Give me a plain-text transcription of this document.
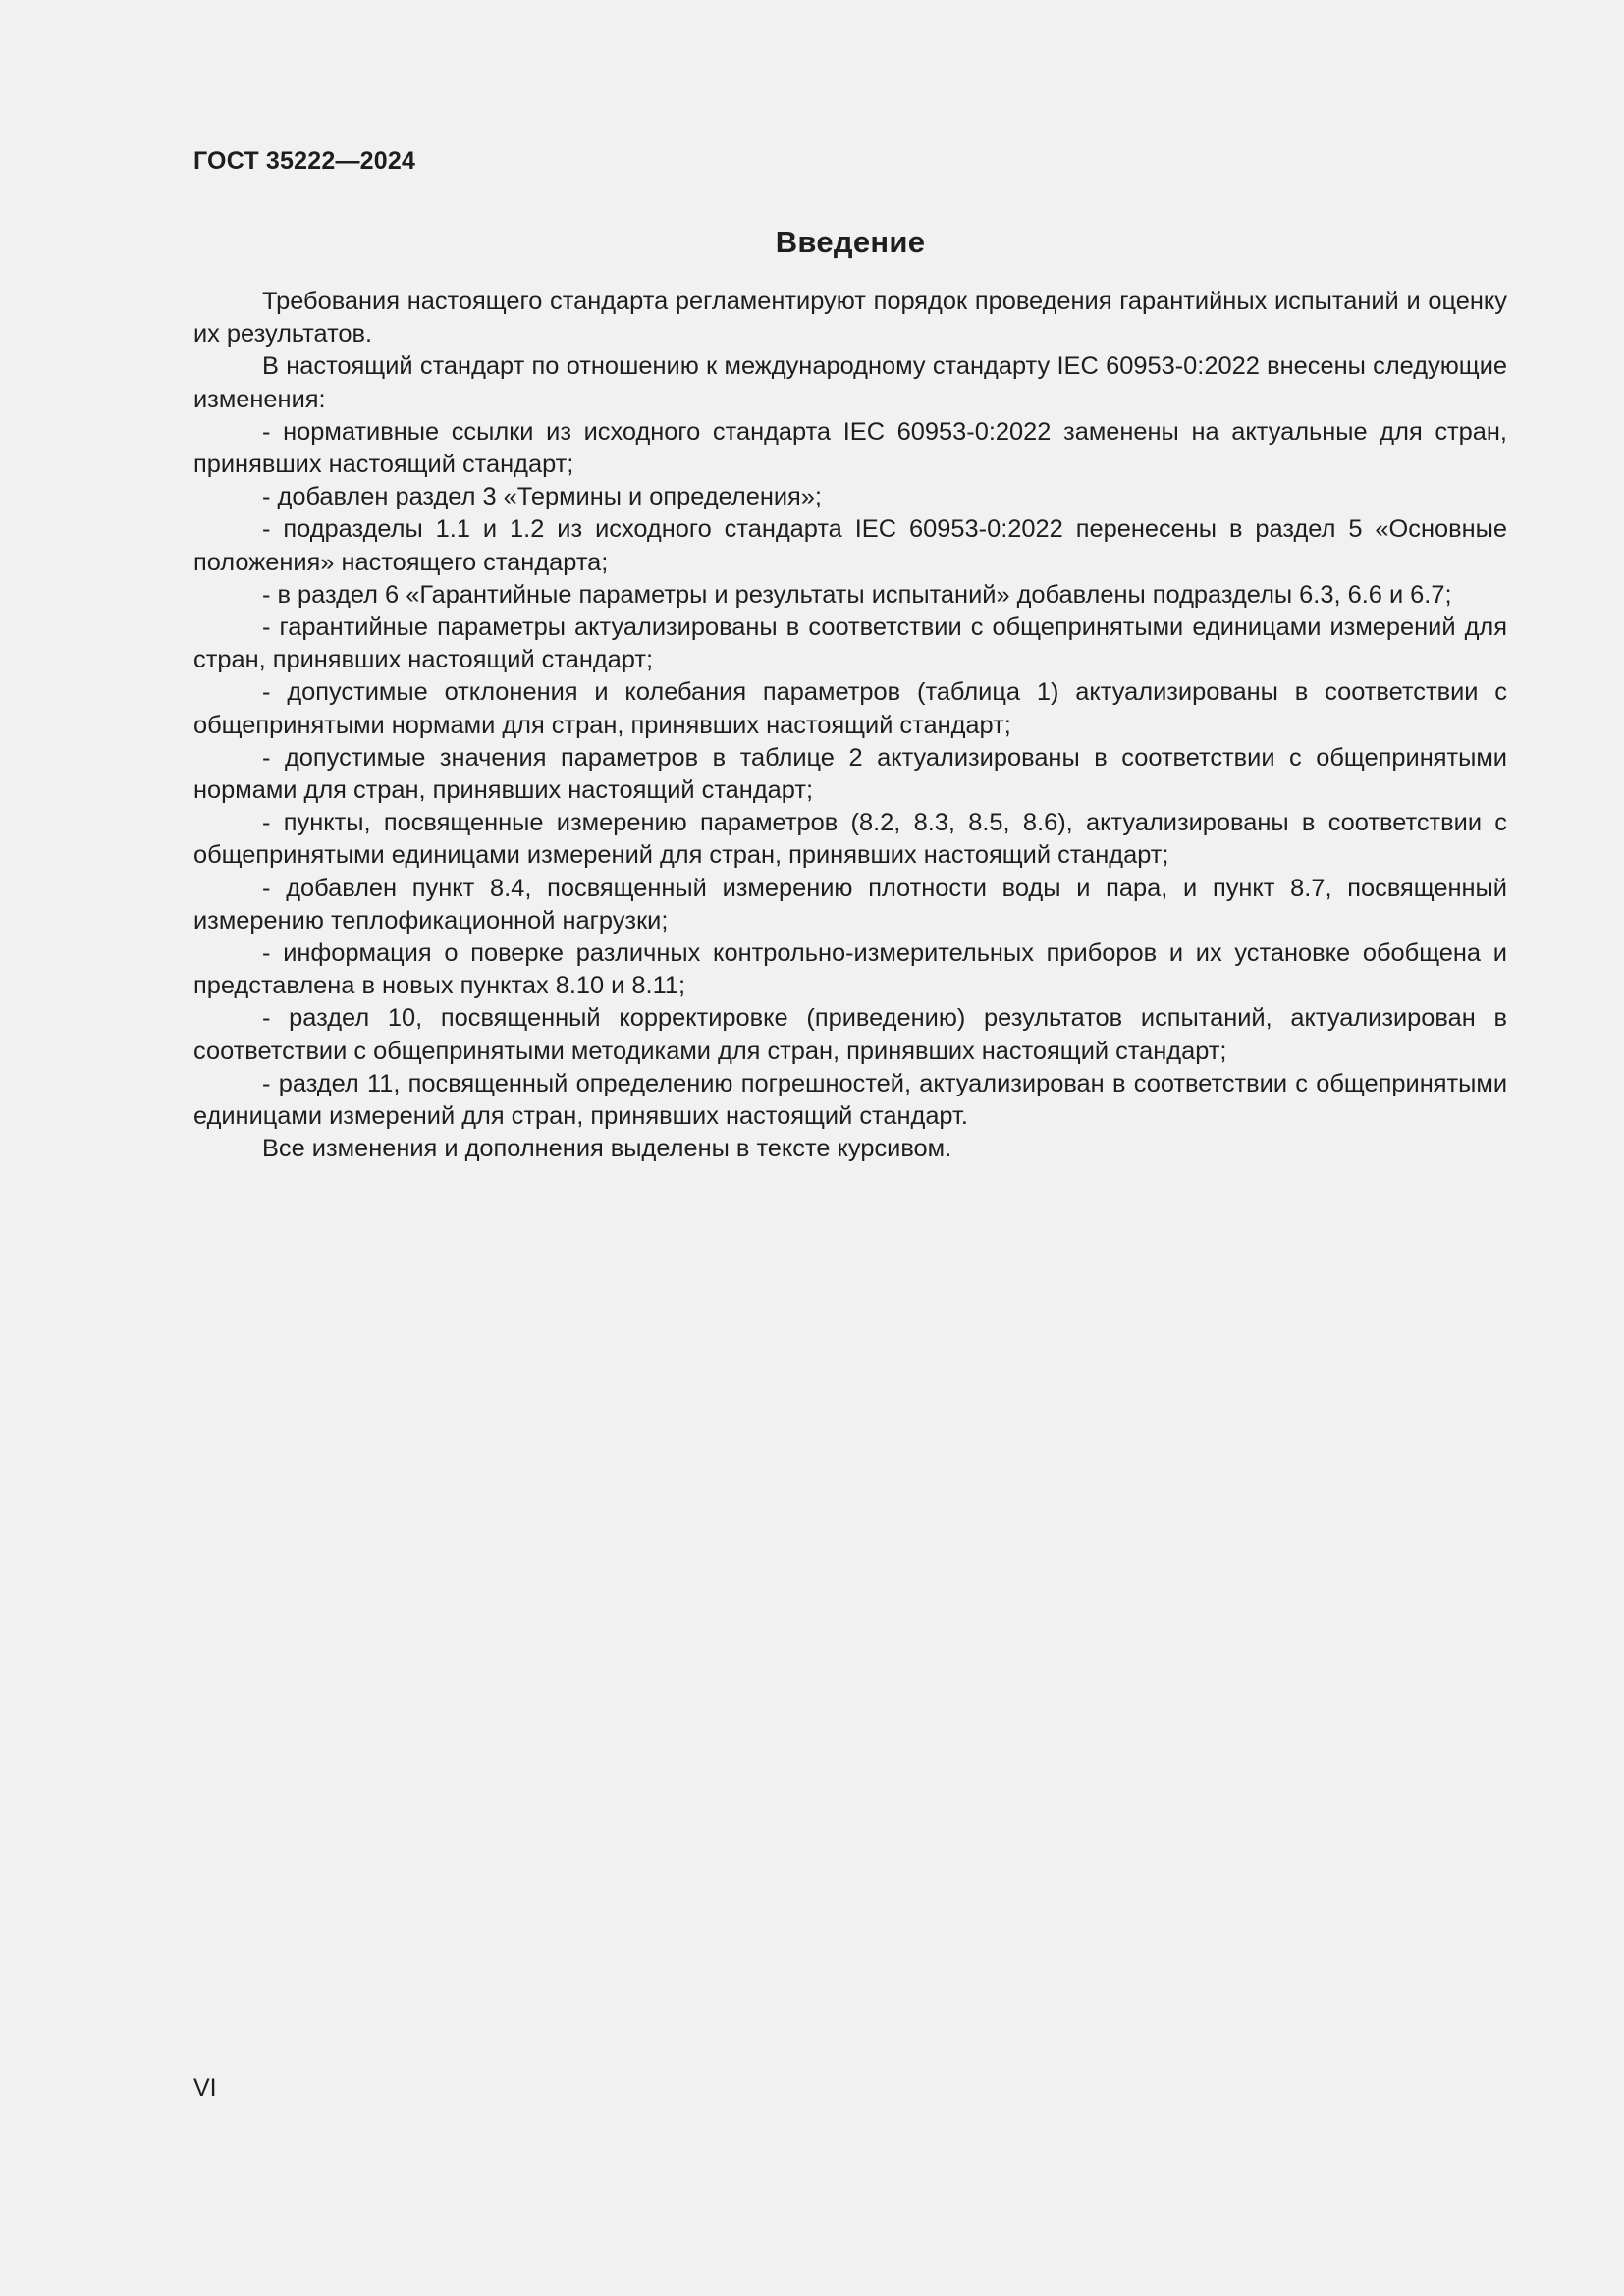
ГОСТ 35222—2024
Введение

Требования настоящего стандарта регламентируют порядок проведения гарантийных испытаний и оценку их результатов.

В настоящий стандарт по отношению к международному стандарту IEC 60953-0:2022 внесены следующие изменения:

- нормативные ссылки из исходного стандарта IEC 60953-0:2022 заменены на актуальные для стран, принявших настоящий стандарт;

- добавлен раздел 3 «Термины и определения»;

- подразделы 1.1 и 1.2 из исходного стандарта IEC 60953-0:2022 перенесены в раздел 5 «Основные положения» настоящего стандарта;

- в раздел 6 «Гарантийные параметры и результаты испытаний» добавлены подразделы 6.3, 6.6 и 6.7;

- гарантийные параметры актуализированы в соответствии с общепринятыми единицами измерений для стран, принявших настоящий стандарт;

- допустимые отклонения и колебания параметров (таблица 1) актуализированы в соответствии с общепринятыми нормами для стран, принявших настоящий стандарт;

- допустимые значения параметров в таблице 2 актуализированы в соответствии с общепринятыми нормами для стран, принявших настоящий стандарт;

- пункты, посвященные измерению параметров (8.2, 8.3, 8.5, 8.6), актуализированы в соответствии с общепринятыми единицами измерений для стран, принявших настоящий стандарт;

- добавлен пункт 8.4, посвященный измерению плотности воды и пара, и пункт 8.7, посвященный измерению теплофикационной нагрузки;

- информация о поверке различных контрольно-измерительных приборов и их установке обобщена и представлена в новых пунктах 8.10 и 8.11;

- раздел 10, посвященный корректировке (приведению) результатов испытаний, актуализирован в соответствии с общепринятыми методиками для стран, принявших настоящий стандарт;

- раздел 11, посвященный определению погрешностей, актуализирован в соответствии с общепринятыми единицами измерений для стран, принявших настоящий стандарт.

Все изменения и дополнения выделены в тексте курсивом.

VI
